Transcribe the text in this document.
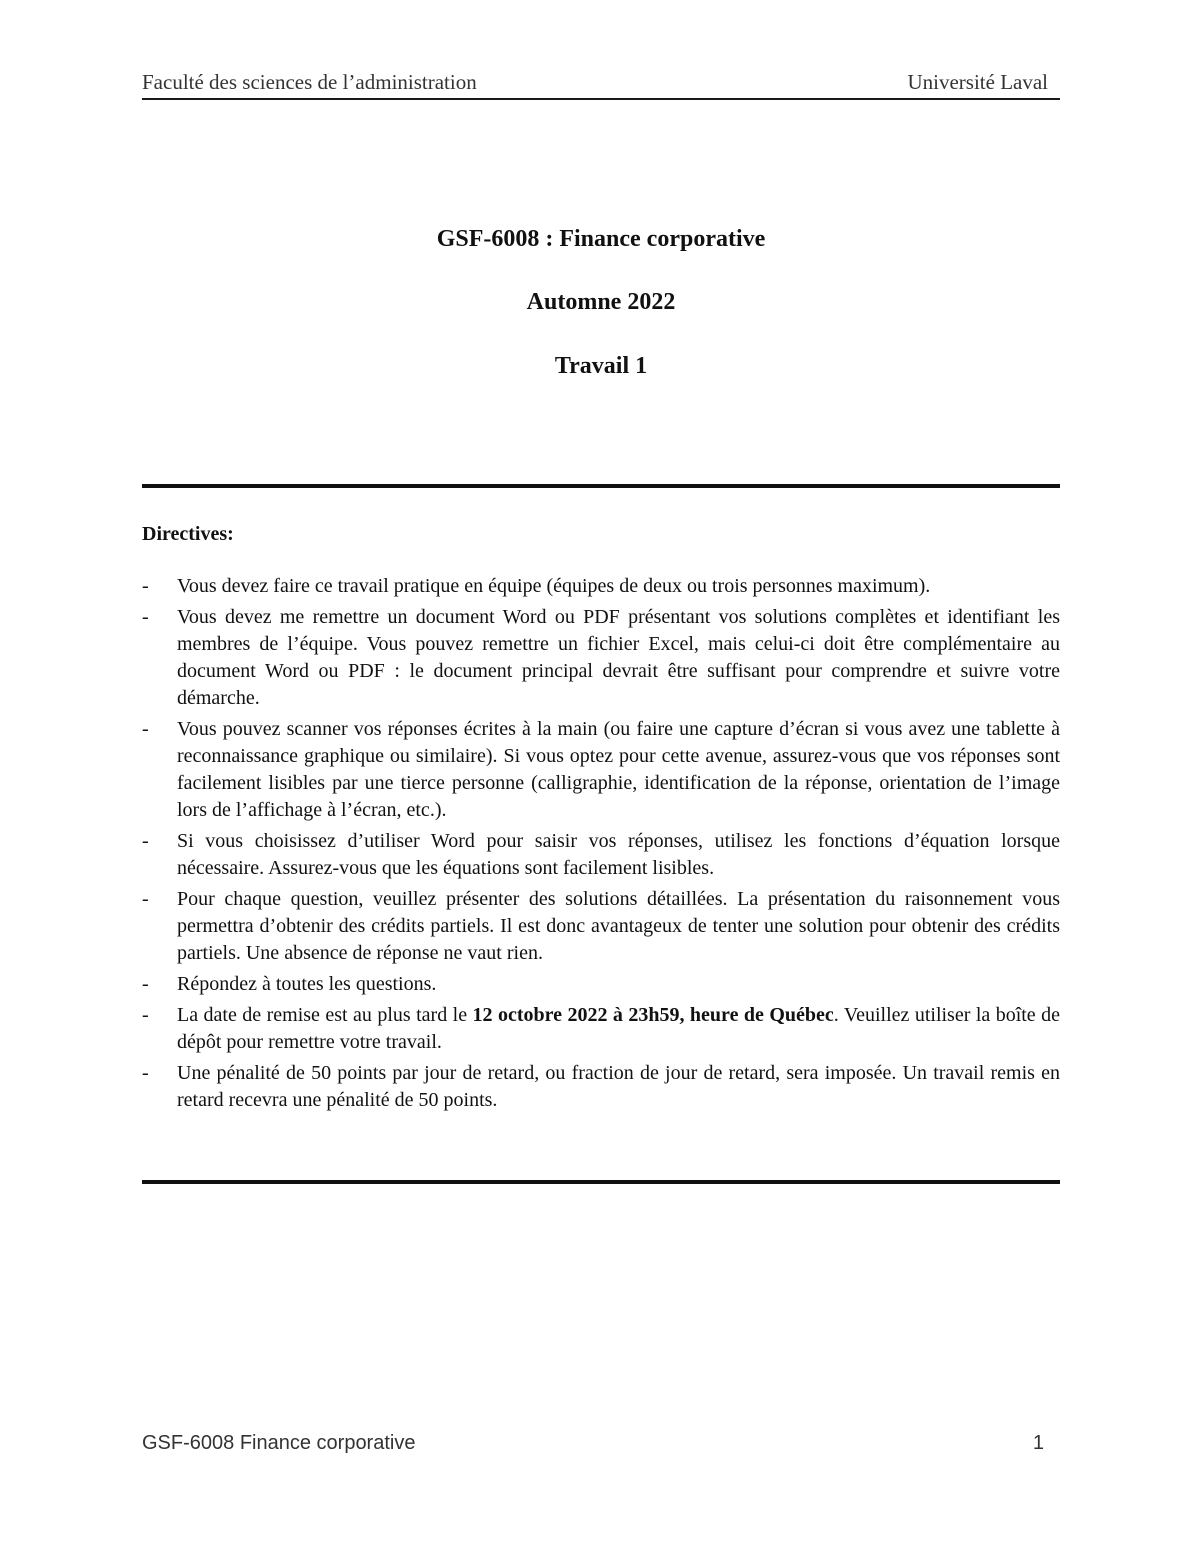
Faculté des sciences de l’administration	Université Laval
GSF-6008 : Finance corporative
Automne 2022
Travail 1
Directives:
- Vous devez faire ce travail pratique en équipe (équipes de deux ou trois personnes maximum).
- Vous devez me remettre un document Word ou PDF présentant vos solutions complètes et identifiant les membres de l’équipe. Vous pouvez remettre un fichier Excel, mais celui-ci doit être complémentaire au document Word ou PDF : le document principal devrait être suffisant pour comprendre et suivre votre démarche.
- Vous pouvez scanner vos réponses écrites à la main (ou faire une capture d’écran si vous avez une tablette à reconnaissance graphique ou similaire). Si vous optez pour cette avenue, assurez-vous que vos réponses sont facilement lisibles par une tierce personne (calligraphie, identification de la réponse, orientation de l’image lors de l’affichage à l’écran, etc.).
- Si vous choisissez d’utiliser Word pour saisir vos réponses, utilisez les fonctions d’équation lorsque nécessaire. Assurez-vous que les équations sont facilement lisibles.
- Pour chaque question, veuillez présenter des solutions détaillées. La présentation du raisonnement vous permettra d’obtenir des crédits partiels. Il est donc avantageux de tenter une solution pour obtenir des crédits partiels. Une absence de réponse ne vaut rien.
- Répondez à toutes les questions.
- La date de remise est au plus tard le 12 octobre 2022 à 23h59, heure de Québec. Veuillez utiliser la boîte de dépôt pour remettre votre travail.
- Une pénalité de 50 points par jour de retard, ou fraction de jour de retard, sera imposée. Un travail remis en retard recevra une pénalité de 50 points.
GSF-6008 Finance corporative	1
